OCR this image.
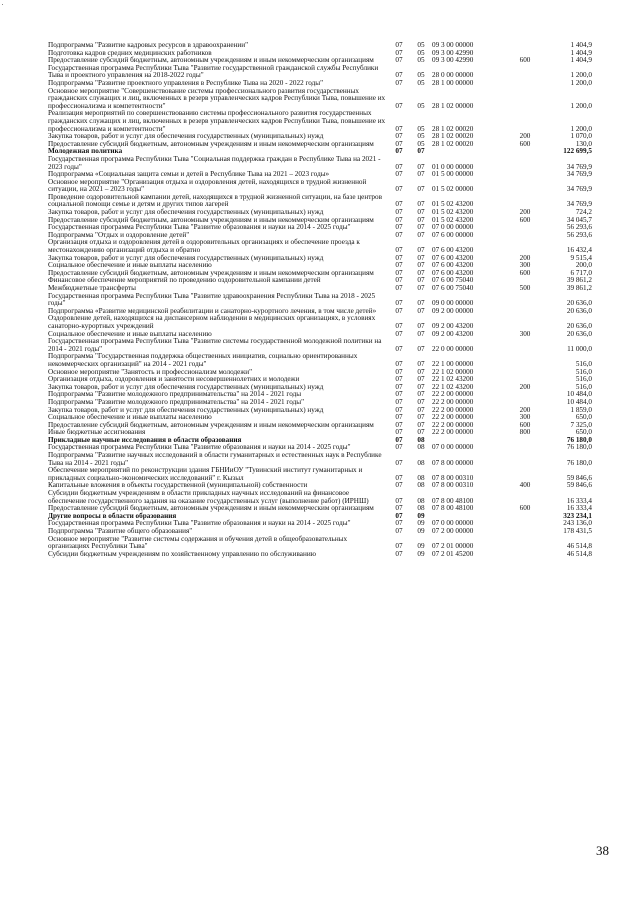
Подпрограмма "Развитие кадровых ресурсов в здравоохранении"	07	05	09 3 00 00000		1 404,9
Подготовка кадров средних медицинских работников	07	05	09 3 00 42990		1 404,9
Предоставление субсидий бюджетным, автономным учреждениям и иным некоммерческим организациям	07	05	09 3 00 42990	600	1 404,9
Государственная программа Республики Тыва "Развитие государственной гражданской службы Республики Тыва и проектного управления на 2018-2022 годы"	07	05	28 0 00 00000		1 200,0
Подпрограмма "Развитие проектного управления в Республике Тыва на 2020 - 2022 годы"	07	05	28 1 00 00000		1 200,0
Основное мероприятие "Совершенствование системы профессионального развития государственных гражданских служащих и лиц, включенных в резерв управленческих кадров Республики Тыва, повышение их профессионализма и компетентности"	07	05	28 1 02 00000		1 200,0
Реализация мероприятий по совершенствованию системы профессионального развития государственных гражданских служащих и лиц, включенных в резерв управленческих кадров Республики Тыва, повышение их профессионализма и компетентности"	07	05	28 1 02 00020		1 200,0
Закупка товаров, работ и услуг для обеспечения государственных (муниципальных) нужд	07	05	28 1 02 00020	200	1 070,0
Предоставление субсидий бюджетным, автономным учреждениям и иным некоммерческим организациям	07	05	28 1 02 00020	600	130,0
Молодежная политика	07	07			122 699,5
Государственная программа Республики Тыва "Социальная поддержка граждан в Республике Тыва на 2021 - 2023 годы"	07	07	01 0 00 00000		34 769,9
Подпрограмма «Социальная защита семьи и детей в Республике Тыва на 2021 – 2023 годы»	07	07	01 5 00 00000		34 769,9
Основное мероприятие "Организация отдыха и оздоровления детей, находящихся в трудной жизненной ситуации, на 2021 – 2023 годы"	07	07	01 5 02 00000		34 769,9
Проведение оздоровительной кампании детей, находящихся в трудной жизненной ситуации, на базе центров социальной помощи семье и детям и других типов лагерей	07	07	01 5 02 43200		34 769,9
Закупка товаров, работ и услуг для обеспечения государственных (муниципальных) нужд	07	07	01 5 02 43200	200	724,2
Предоставление субсидий бюджетным, автономным учреждениям и иным некоммерческим организациям	07	07	01 5 02 43200	600	34 045,7
Государственная программа Республики Тыва "Развитие образования и науки на 2014 - 2025 годы"	07	07	07 0 00 00000		56 293,6
Подпрограмма "Отдых и оздоровление детей"	07	07	07 6 00 00000		56 293,6
Организация отдыха и оздоровления детей в оздоровительных организациях и обеспечение проезда к местонахождению организаций отдыха и обратно	07	07	07 6 00 43200		16 432,4
Закупка товаров, работ и услуг для обеспечения государственных (муниципальных) нужд	07	07	07 6 00 43200	200	9 515,4
Социальное обеспечение и иные выплаты населению	07	07	07 6 00 43200	300	200,0
Предоставление субсидий бюджетным, автономным учреждениям и иным некоммерческим организациям	07	07	07 6 00 43200	600	6 717,0
Финансовое обеспечение мероприятий по проведению оздоровительной кампании детей	07	07	07 6 00 75040		39 861,2
Межбюджетные трансферты	07	07	07 6 00 75040	500	39 861,2
Государственная программа Республики Тыва "Развитие здравоохранения Республики Тыва на 2018 - 2025 годы"	07	07	09 0 00 00000		20 636,0
Подпрограмма «Развитие медицинской реабилитации и санаторно-курортного лечения, в том числе детей»	07	07	09 2 00 00000		20 636,0
Оздоровление детей, находящихся на диспансерном наблюдении в медицинских организациях, в условиях санаторно-курортных учреждений	07	07	09 2 00 43200		20 636,0
Социальное обеспечение и иные выплаты населению	07	07	09 2 00 43200	300	20 636,0
Государственная программа Республики Тыва "Развитие системы государственной молодежной политики на 2014 - 2021 годы"	07	07	22 0 00 00000		11 000,0
Подпрограмма "Государственная поддержка общественных инициатив, социально ориентированных некоммерческих организаций" на 2014 - 2021 годы"	07	07	22 1 00 00000		516,0
Основное мероприятие "Занятость и профессионализм молодежи"	07	07	22 1 02 00000		516,0
Организация отдыха, оздоровления и занятости несовершеннолетних и молодежи	07	07	22 1 02 43200		516,0
Закупка товаров, работ и услуг для обеспечения государственных (муниципальных) нужд	07	07	22 1 02 43200	200	516,0
Подпрограмма "Развитие молодежного предпринимательства" на 2014 - 2021 годы	07	07	22 2 00 00000		10 484,0
Подпрограмма "Развитие молодежного предпринимательства" на 2014 - 2021 годы"	07	07	22 2 00 00000		10 484,0
Закупка товаров, работ и услуг для обеспечения государственных (муниципальных) нужд	07	07	22 2 00 00000	200	1 859,0
Социальное обеспечение и иные выплаты населению	07	07	22 2 00 00000	300	650,0
Предоставление субсидий бюджетным, автономным учреждениям и иным некоммерческим организациям	07	07	22 2 00 00000	600	7 325,0
Иные бюджетные ассигнования	07	07	22 2 00 00000	800	650,0
Прикладные научные исследования в области образования	07	08			76 180,0
Государственная программа Республики Тыва "Развитие образования и науки на 2014 - 2025 годы"	07	08	07 0 00 00000		76 180,0
Подпрограмма "Развитие научных исследований в области гуманитарных и естественных наук в Республике Тыва на 2014 - 2021 годы"	07	08	07 8 00 00000		76 180,0
Обеспечение мероприятий по реконструкции здания ГБНИиОУ "Тувинский институт гуманитарных и прикладных социально-экономических исследований" г. Кызыл	07	08	07 8 00 00310		59 846,6
Капитальные вложения в объекты государственной (муниципальной) собственности	07	08	07 8 00 00310	400	59 846,6
Субсидии бюджетным учреждениям в области прикладных научных исследований на финансовое обеспечение государственного задания на оказание государственных услуг (выполнение работ) (ИРНШ)	07	08	07 8 00 48100		16 333,4
Предоставление субсидий бюджетным, автономным учреждениям и иным некоммерческим организациям	07	08	07 8 00 48100	600	16 333,4
Другие вопросы в области образования	07	09			323 234,1
Государственная программа Республики Тыва "Развитие образования и науки на 2014 - 2025 годы"	07	09	07 0 00 00000		243 136,0
Подпрограмма "Развитие общего образования"	07	09	07 2 00 00000		178 431,5
Основное мероприятие "Развитие системы содержания и обучения детей в общеобразовательных организациях Республики Тыва"	07	09	07 2 01 00000		46 514,8
Субсидии бюджетным учреждениям по хозяйственному управлению по обслуживанию	07	09	07 2 01 45200		46 514,8
38
